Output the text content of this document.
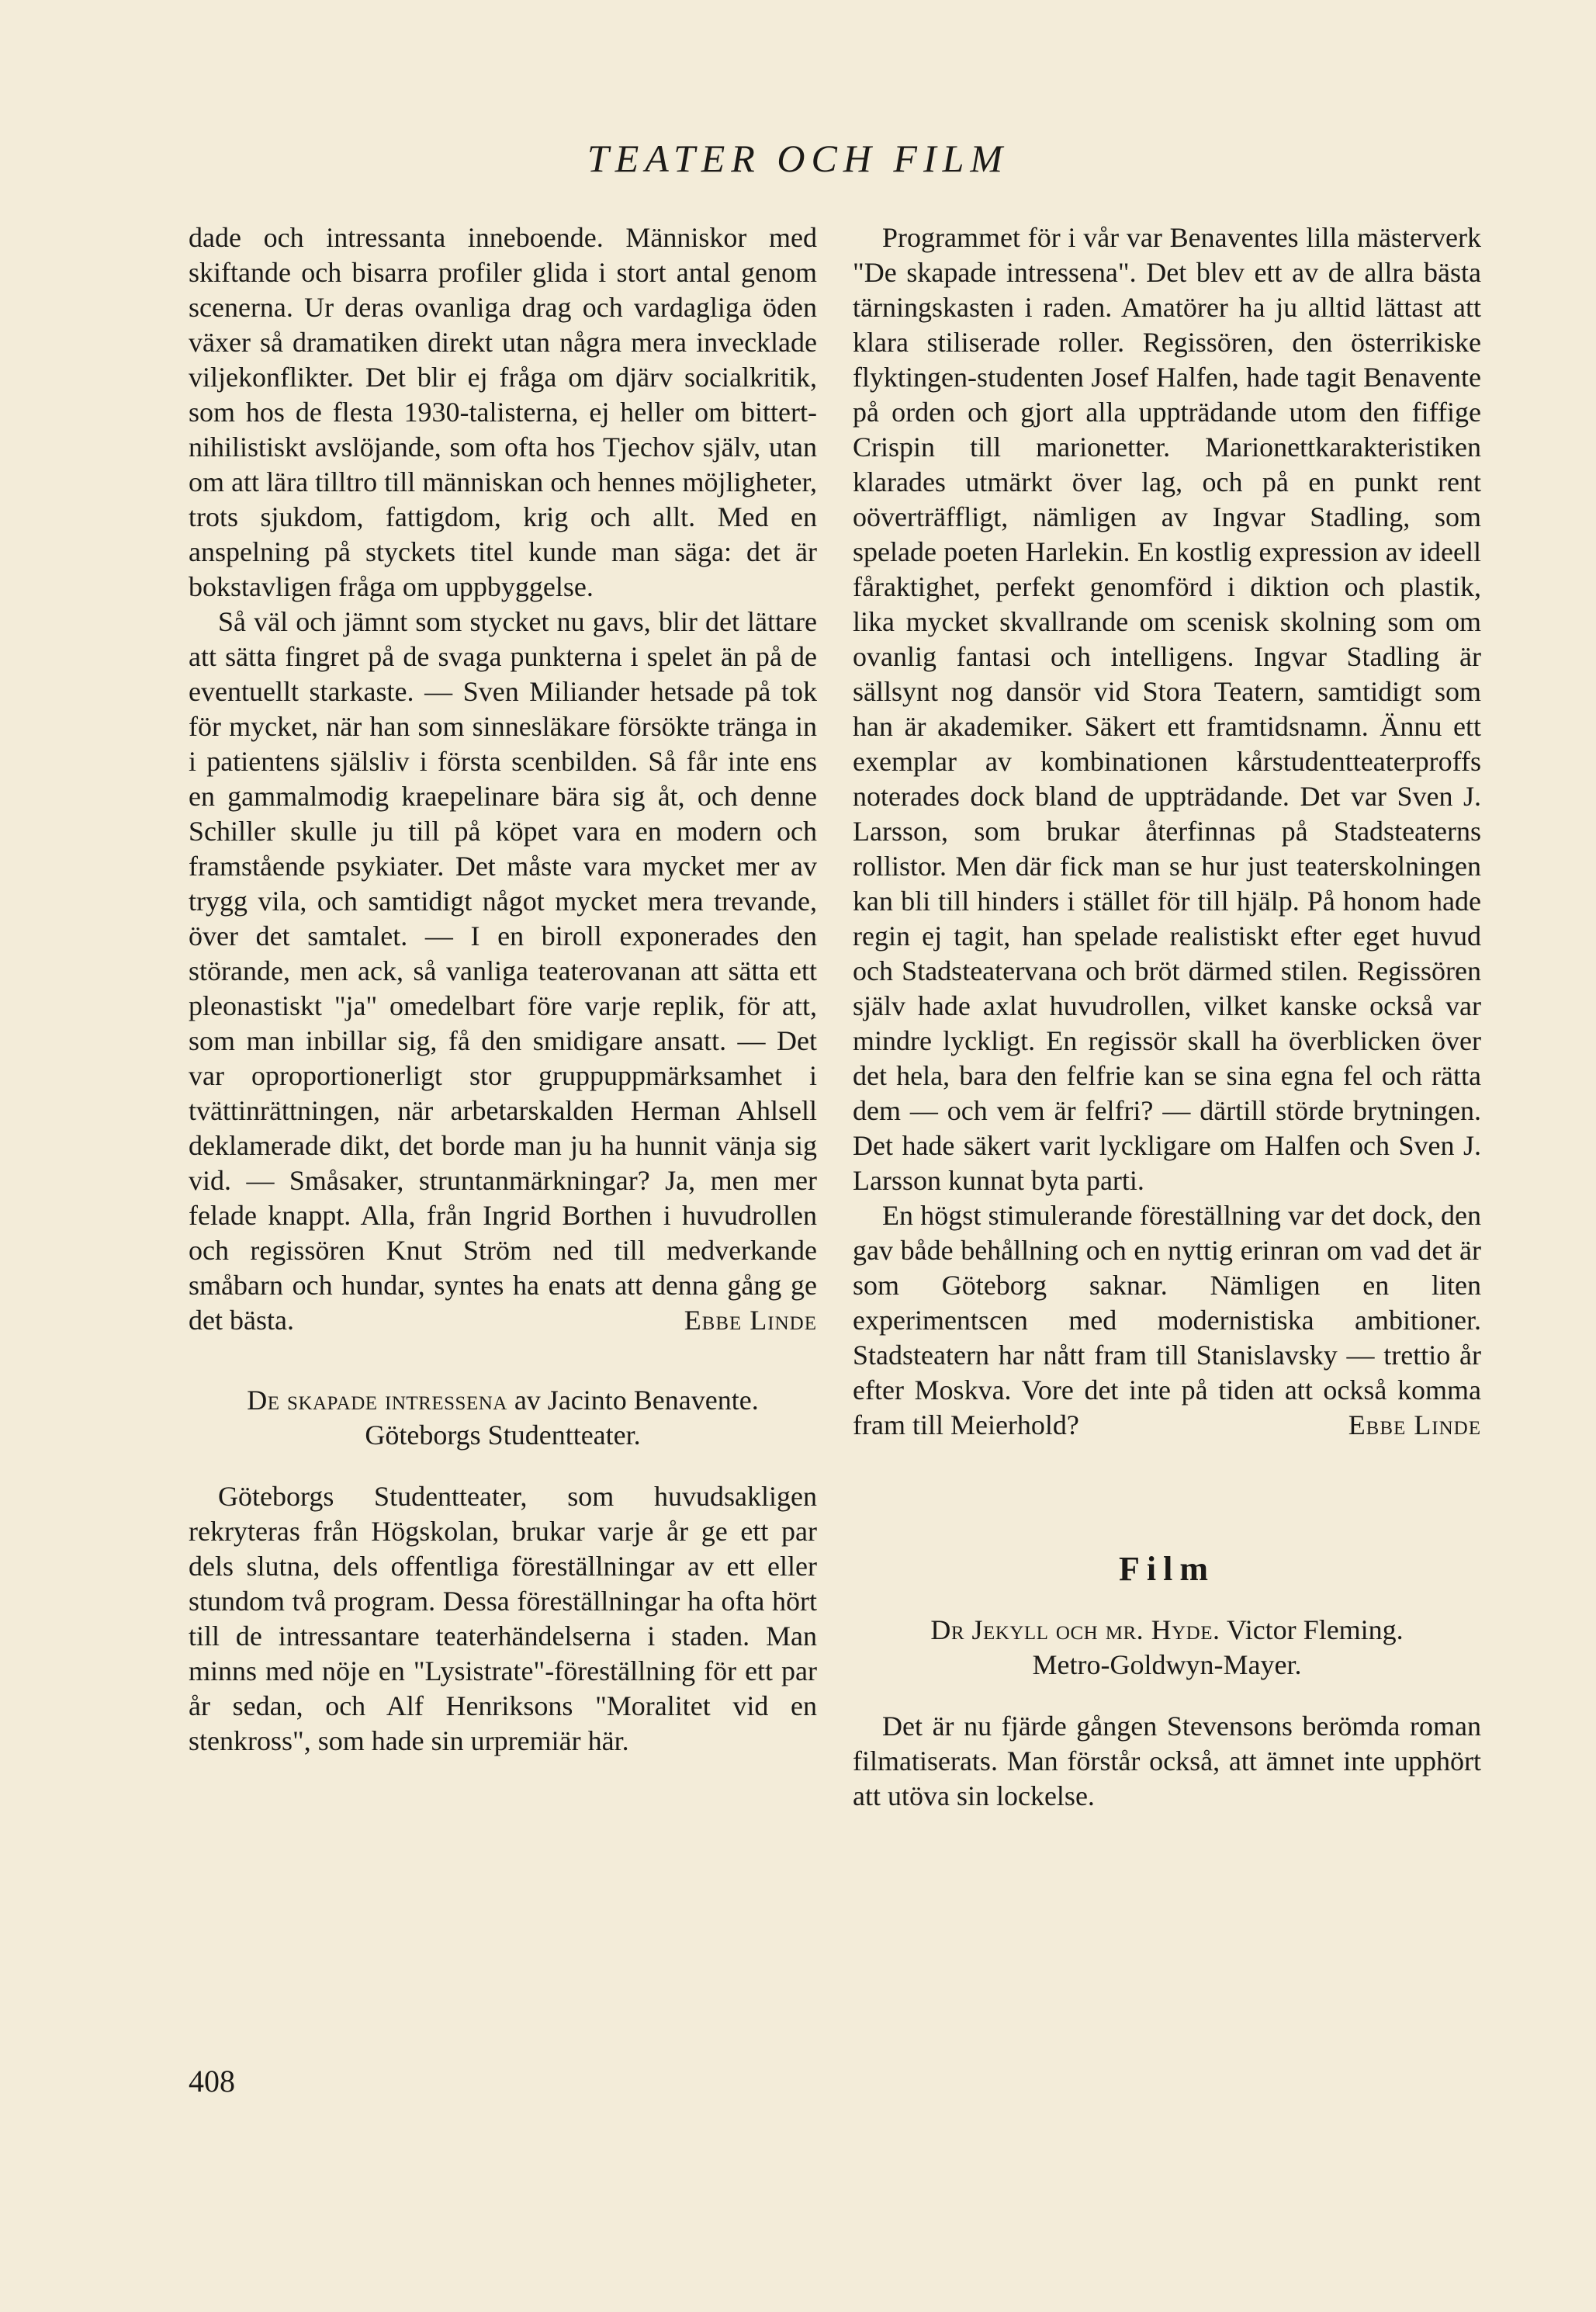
TEATER OCH FILM

dade och intressanta inneboende. Människor med skiftande och bisarra profiler glida i stort antal genom scenerna. Ur deras ovanliga drag och vardagliga öden växer så dramatiken direkt utan några mera invecklade viljekonflikter. Det blir ej fråga om djärv socialkritik, som hos de flesta 1930-talisterna, ej heller om bittert-nihilistiskt avslöjande, som ofta hos Tjechov själv, utan om att lära tilltro till människan och hennes möjligheter, trots sjukdom, fattigdom, krig och allt. Med en anspelning på styckets titel kunde man säga: det är bokstavligen fråga om uppbyggelse.

Så väl och jämnt som stycket nu gavs, blir det lättare att sätta fingret på de svaga punkterna i spelet än på de eventuellt starkaste. — Sven Miliander hetsade på tok för mycket, när han som sinnesläkare försökte tränga in i patientens själsliv i första scenbilden. Så får inte ens en gammalmodig kraepelinare bära sig åt, och denne Schiller skulle ju till på köpet vara en modern och framstående psykiater. Det måste vara mycket mer av trygg vila, och samtidigt något mycket mera trevande, över det samtalet. — I en biroll exponerades den störande, men ack, så vanliga teaterovanan att sätta ett pleonastiskt "ja" omedelbart före varje replik, för att, som man inbillar sig, få den smidigare ansatt. — Det var oproportionerligt stor gruppuppmärksamhet i tvättinrättningen, när arbetarskalden Herman Ahlsell deklamerade dikt, det borde man ju ha hunnit vänja sig vid. — Småsaker, struntanmärkningar? Ja, men mer felade knappt. Alla, från Ingrid Borthen i huvudrollen och regissören Knut Ström ned till medverkande småbarn och hundar, syntes ha enats att denna gång ge det bästa.	Ebbe Linde

De skapade intressena av Jacinto Benavente.
Göteborgs Studentteater.

Göteborgs Studentteater, som huvudsakligen rekryteras från Högskolan, brukar varje år ge ett par dels slutna, dels offentliga föreställningar av ett eller stundom två program. Dessa föreställningar ha ofta hört till de intressantare teaterhändelserna i staden. Man minns med nöje en "Lysistrate"-föreställning för ett par år sedan, och Alf Henriksons "Moralitet vid en stenkross", som hade sin urpremiär här.

Programmet för i vår var Benaventes lilla mästerverk "De skapade intressena". Det blev ett av de allra bästa tärningskasten i raden. Amatörer ha ju alltid lättast att klara stiliserade roller. Regissören, den österrikiske flyktingen-studenten Josef Halfen, hade tagit Benavente på orden och gjort alla uppträdande utom den fiffige Crispin till marionetter. Marionettkarakteristiken klarades utmärkt över lag, och på en punkt rent oöverträffligt, nämligen av Ingvar Stadling, som spelade poeten Harlekin. En kostlig expression av ideell fåraktighet, perfekt genomförd i diktion och plastik, lika mycket skvallrande om scenisk skolning som om ovanlig fantasi och intelligens. Ingvar Stadling är sällsynt nog dansör vid Stora Teatern, samtidigt som han är akademiker. Säkert ett framtidsnamn. Ännu ett exemplar av kombinationen kårstudentteaterproffs noterades dock bland de uppträdande. Det var Sven J. Larsson, som brukar återfinnas på Stadsteaterns rollistor. Men där fick man se hur just teaterskolningen kan bli till hinders i stället för till hjälp. På honom hade regin ej tagit, han spelade realistiskt efter eget huvud och Stadsteatervana och bröt därmed stilen. Regissören själv hade axlat huvudrollen, vilket kanske också var mindre lyckligt. En regissör skall ha överblicken över det hela, bara den felfrie kan se sina egna fel och rätta dem — och vem är felfri? — därtill störde brytningen. Det hade säkert varit lyckligare om Halfen och Sven J. Larsson kunnat byta parti.

En högst stimulerande föreställning var det dock, den gav både behållning och en nyttig erinran om vad det är som Göteborg saknar. Nämligen en liten experimentscen med modernistiska ambitioner. Stadsteatern har nått fram till Stanislavsky — trettio år efter Moskva. Vore det inte på tiden att också komma fram till Meierhold?	Ebbe Linde

Film
Dr Jekyll och mr. Hyde. Victor Fleming.
Metro-Goldwyn-Mayer.

Det är nu fjärde gången Stevensons berömda roman filmatiserats. Man förstår också, att ämnet inte upphört att utöva sin lockelse.

408
